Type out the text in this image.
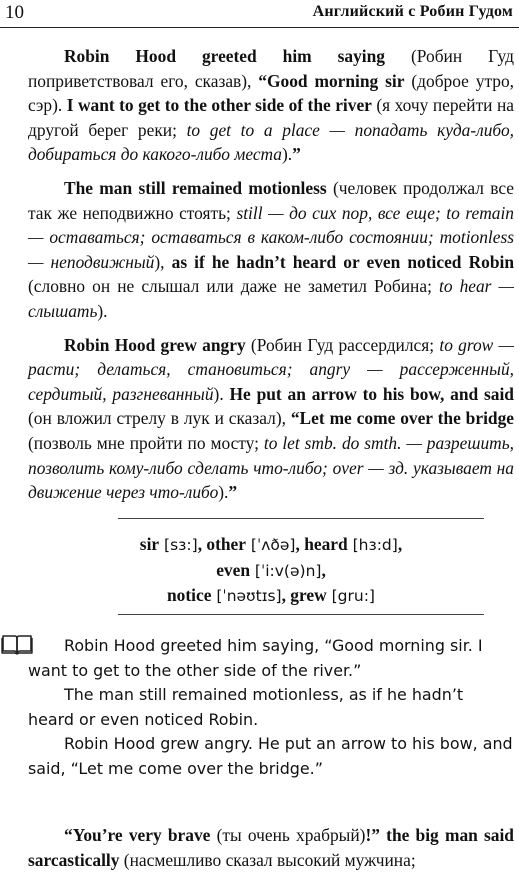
10	Английский с Робин Гудом

Robin Hood greeted him saying (Робин Гуд поприветствовал его, сказав), “Good morning sir (доброе утро, сэр). I want to get to the other side of the river (я хочу перейти на другой берег реки; to get to a place — попадать куда-либо, добираться до какого-либо места).”

The man still remained motionless (человек продолжал все так же неподвижно стоять; still — до сих пор, все еще; to remain — оставаться; оставаться в каком-либо состоянии; motionless — неподвижный), as if he hadn’t heard or even noticed Robin (словно он не слышал или даже не заметил Робина; to hear — слышать).

Robin Hood grew angry (Робин Гуд рассердился; to grow — расти; делаться, становиться; angry — рассерженный, сердитый, разгневанный). He put an arrow to his bow, and said (он вложил стрелу в лук и сказал), “Let me come over the bridge (позволь мне пройти по мосту; to let smb. do smth. — разрешить, позволить кому-либо сделать что-либо; over — зд. указывает на движение через что-либо).”

sir [sɜ:], other [ˈʌðə], heard [hɜ:d],
even [ˈi:v(ə)n],
notice [ˈnəʊtɪs], grew [gru:]

Robin Hood greeted him saying, “Good morning sir. I want to get to the other side of the river.”

The man still remained motionless, as if he hadn’t heard or even noticed Robin.

Robin Hood grew angry. He put an arrow to his bow, and said, “Let me come over the bridge.”

“You’re very brave (ты очень храбрый)!” the big man said sarcastically (насмешливо сказал высокий мужчина;
